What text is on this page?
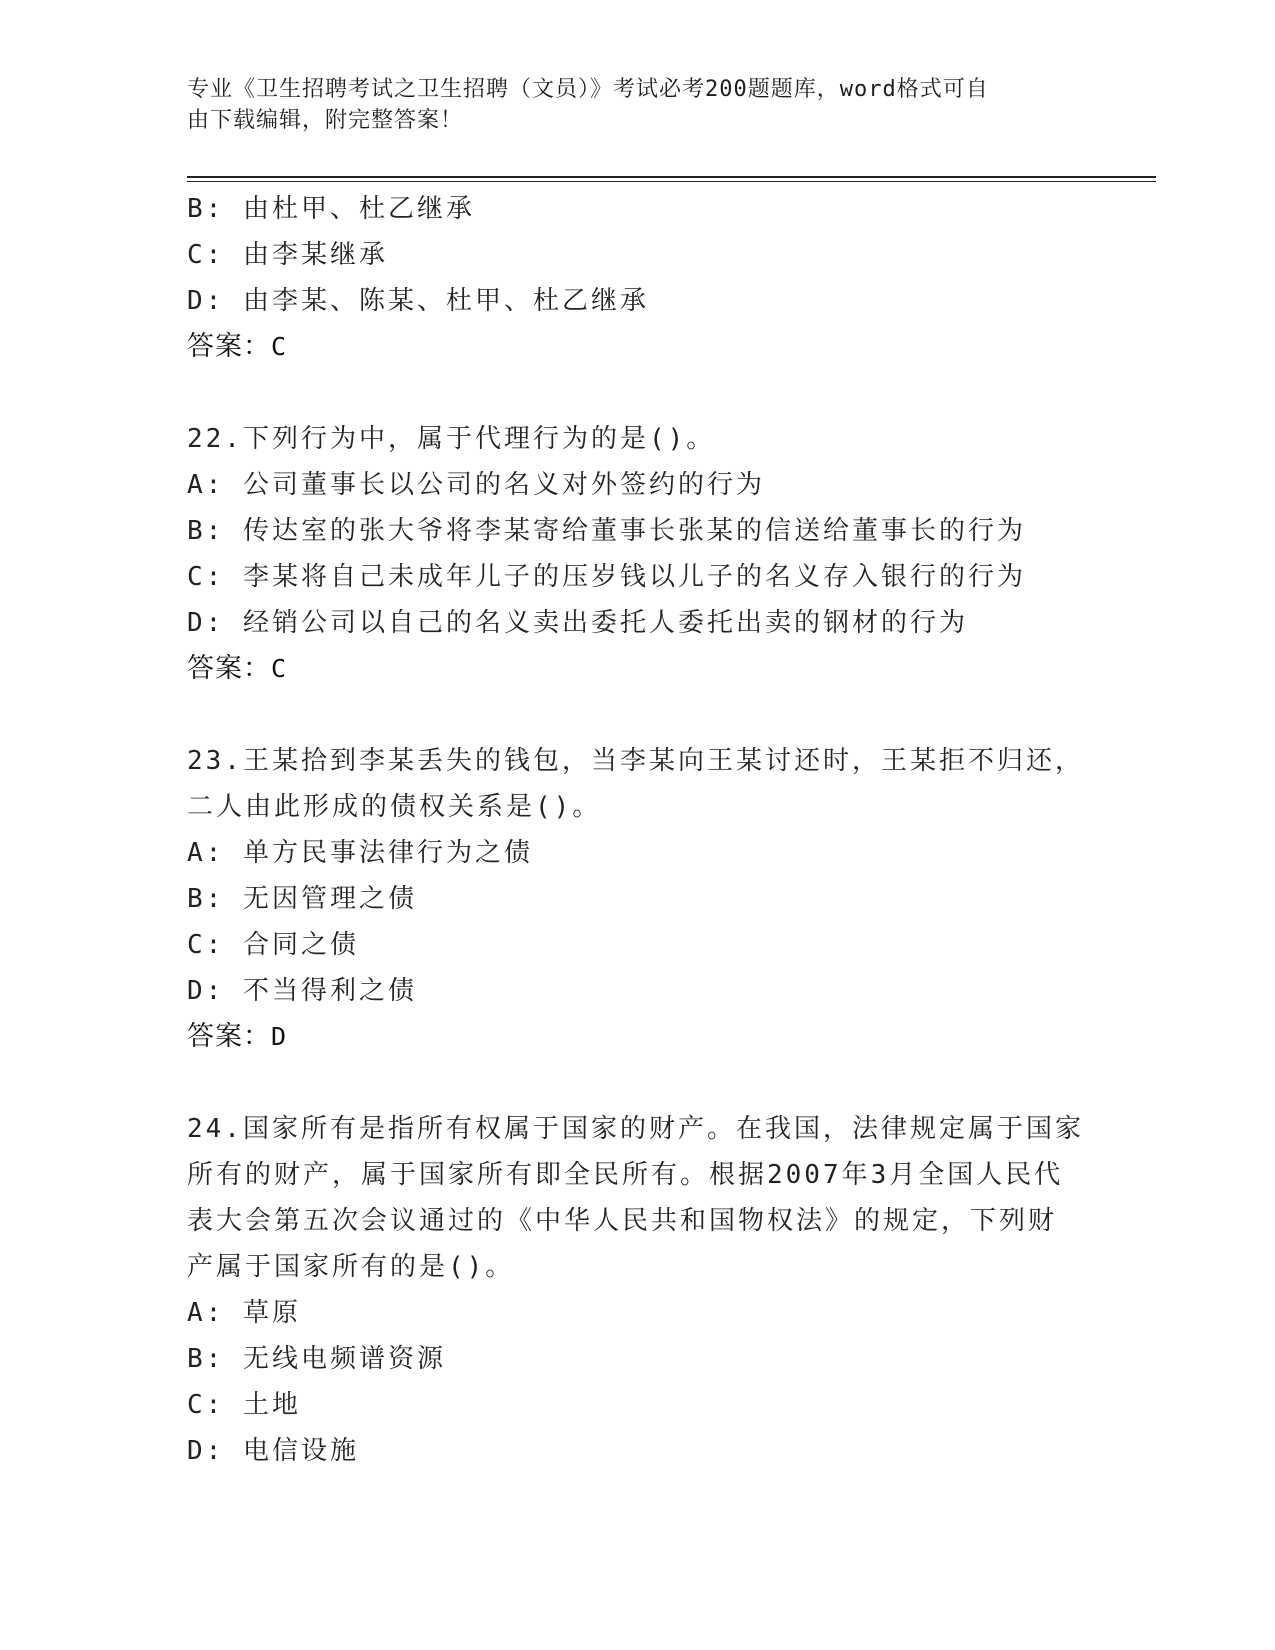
专业《卫生招聘考试之卫生招聘（文员）》考试必考200题题库，word格式可自
由下载编辑，附完整答案！
B: 由杜甲、杜乙继承
C: 由李某继承
D: 由李某、陈某、杜甲、杜乙继承
答案：C
22.下列行为中，属于代理行为的是()。
A: 公司董事长以公司的名义对外签约的行为
B: 传达室的张大爷将李某寄给董事长张某的信送给董事长的行为
C: 李某将自己未成年儿子的压岁钱以儿子的名义存入银行的行为
D: 经销公司以自己的名义卖出委托人委托出卖的钢材的行为
答案：C
23.王某拾到李某丢失的钱包，当李某向王某讨还时，王某拒不归还，
二人由此形成的债权关系是()。
A: 单方民事法律行为之债
B: 无因管理之债
C: 合同之债
D: 不当得利之债
答案：D
24.国家所有是指所有权属于国家的财产。在我国，法律规定属于国家
所有的财产，属于国家所有即全民所有。根据2007年3月全国人民代
表大会第五次会议通过的《中华人民共和国物权法》的规定，下列财
产属于国家所有的是()。
A: 草原
B: 无线电频谱资源
C: 土地
D: 电信设施
